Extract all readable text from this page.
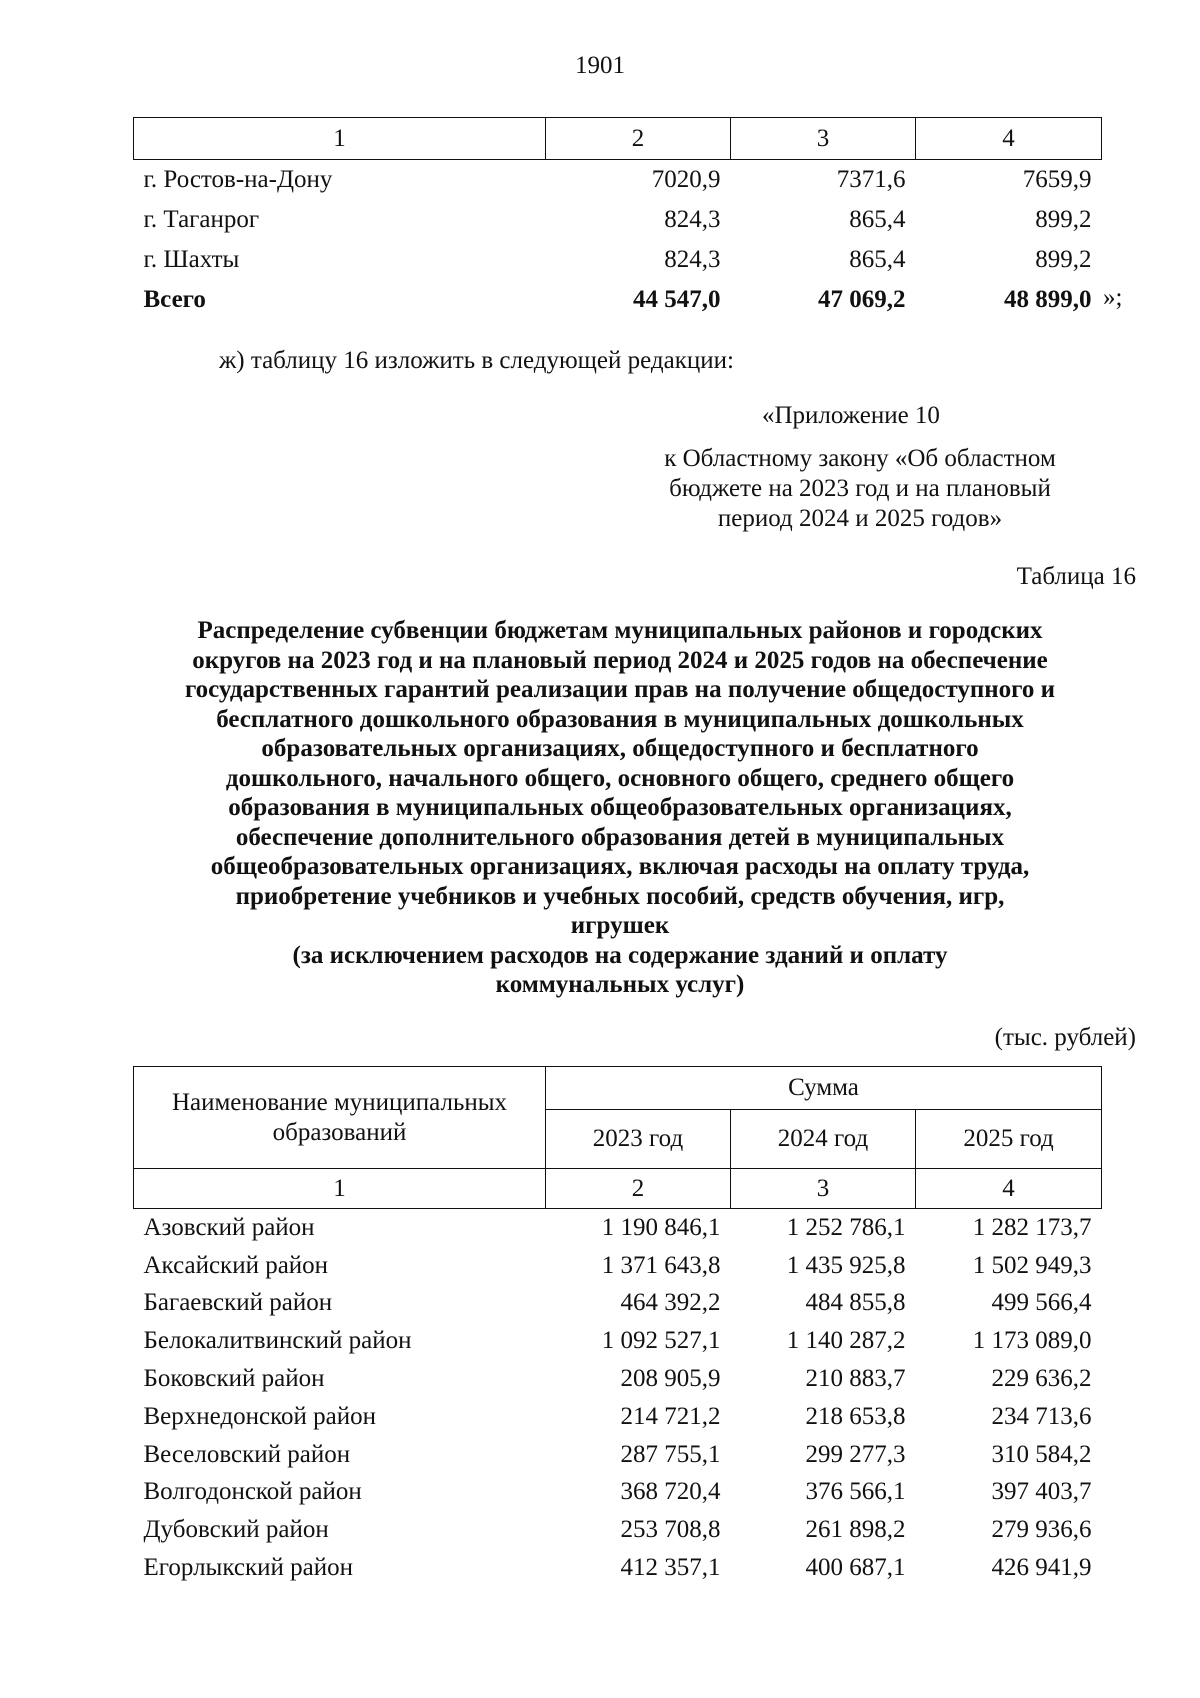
1901
1	2	3	4
г. Ростов-на-Дону	7020,9	7371,6	7659,9
г. Таганрог	824,3	865,4	899,2
г. Шахты	824,3	865,4	899,2
Всего	44 547,0	47 069,2	48 899,0 »;
ж) таблицу 16 изложить в следующей редакции:
«Приложение 10
к Областному закону «Об областном
бюджете на 2023 год и на плановый
период 2024 и 2025 годов»
Таблица 16
Распределение субвенции бюджетам муниципальных районов и городских
округов на 2023 год и на плановый период 2024 и 2025 годов на обеспечение
государственных гарантий реализации прав на получение общедоступного и
бесплатного дошкольного образования в муниципальных дошкольных
образовательных организациях, общедоступного и бесплатного
дошкольного, начального общего, основного общего, среднего общего
образования в муниципальных общеобразовательных организациях,
обеспечение дополнительного образования детей в муниципальных
общеобразовательных организациях, включая расходы на оплату труда,
приобретение учебников и учебных пособий, средств обучения, игр,
игрушек
(за исключением расходов на содержание зданий и оплату
коммунальных услуг)
(тыс. рублей)
Наименование муниципальных
образований	Сумма		
	2023 год	2024 год	2025 год
1	2	3	4
Азовский район	1 190 846,1	1 252 786,1	1 282 173,7
Аксайский район	1 371 643,8	1 435 925,8	1 502 949,3
Багаевский район	464 392,2	484 855,8	499 566,4
Белокалитвинский район	1 092 527,1	1 140 287,2	1 173 089,0
Боковский район	208 905,9	210 883,7	229 636,2
Верхнедонской район	214 721,2	218 653,8	234 713,6
Веселовский район	287 755,1	299 277,3	310 584,2
Волгодонской район	368 720,4	376 566,1	397 403,7
Дубовский район	253 708,8	261 898,2	279 936,6
Егорлыкский район	412 357,1	400 687,1	426 941,9
